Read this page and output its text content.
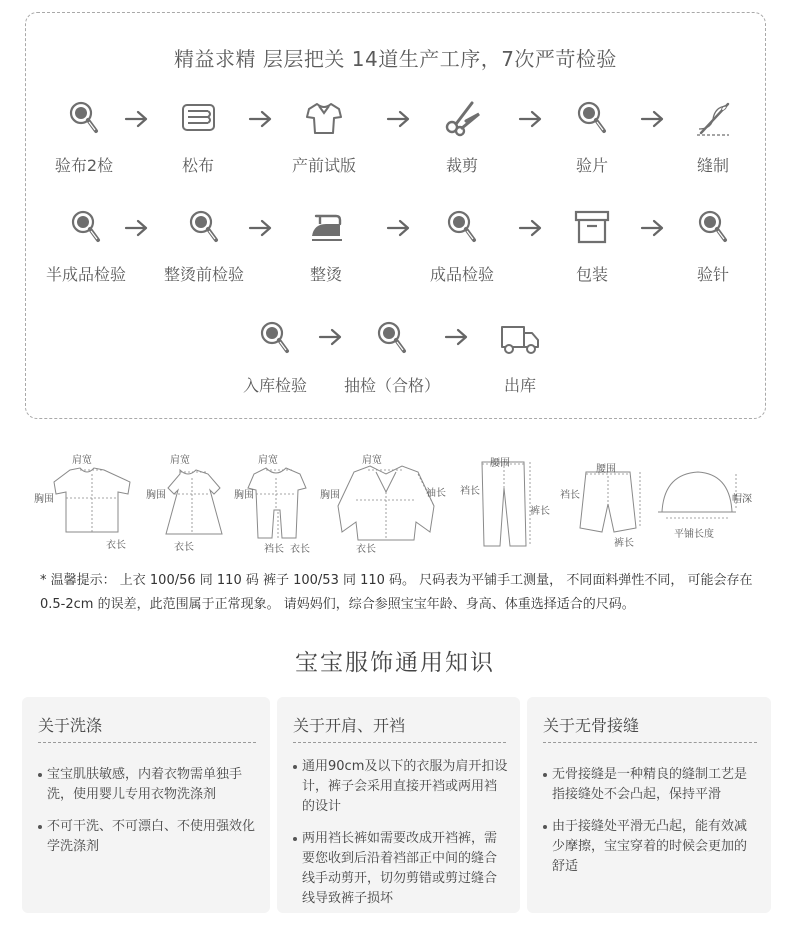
精益求精 层层把关 14道生产工序，7次严苛检验
验布2检	松布	产前试版	裁剪	验片	缝制
半成品检验	整烫前检验	整烫	成品检验	包装	验针
入库检验	抽检（合格）	出库
肩宽
胸围
衣长
肩宽
胸围
衣长
肩宽
胸围
裆长 衣长
肩宽
胸围	袖长
衣长
腰围
裆长
裤长
腰围
裆长
裤长
帽深
平铺长度

* 温馨提示： 上衣 100/56 同 110 码 裤子 100/53 同 110 码。 尺码表为平铺手工测量， 不同面料弹性不同， 可能会存在 0.5-2cm 的误差，此范围属于正常现象。 请妈妈们，综合参照宝宝年龄、身高、体重选择适合的尺码。

宝宝服饰通用知识
关于洗涤
宝宝肌肤敏感，内着衣物需单独手洗，使用婴儿专用衣物洗涤剂
不可干洗、不可漂白、不使用强效化学洗涤剂
关于开肩、开裆
通用90cm及以下的衣服为肩开扣设计，裤子会采用直接开裆或两用裆的设计
两用裆长裤如需要改成开裆裤，需要您收到后沿着裆部正中间的缝合线手动剪开，切勿剪错或剪过缝合线导致裤子损坏
关于无骨接缝
无骨接缝是一种精良的缝制工艺是指接缝处不会凸起，保持平滑
由于接缝处平滑无凸起，能有效减少摩擦，宝宝穿着的时候会更加的舒适
